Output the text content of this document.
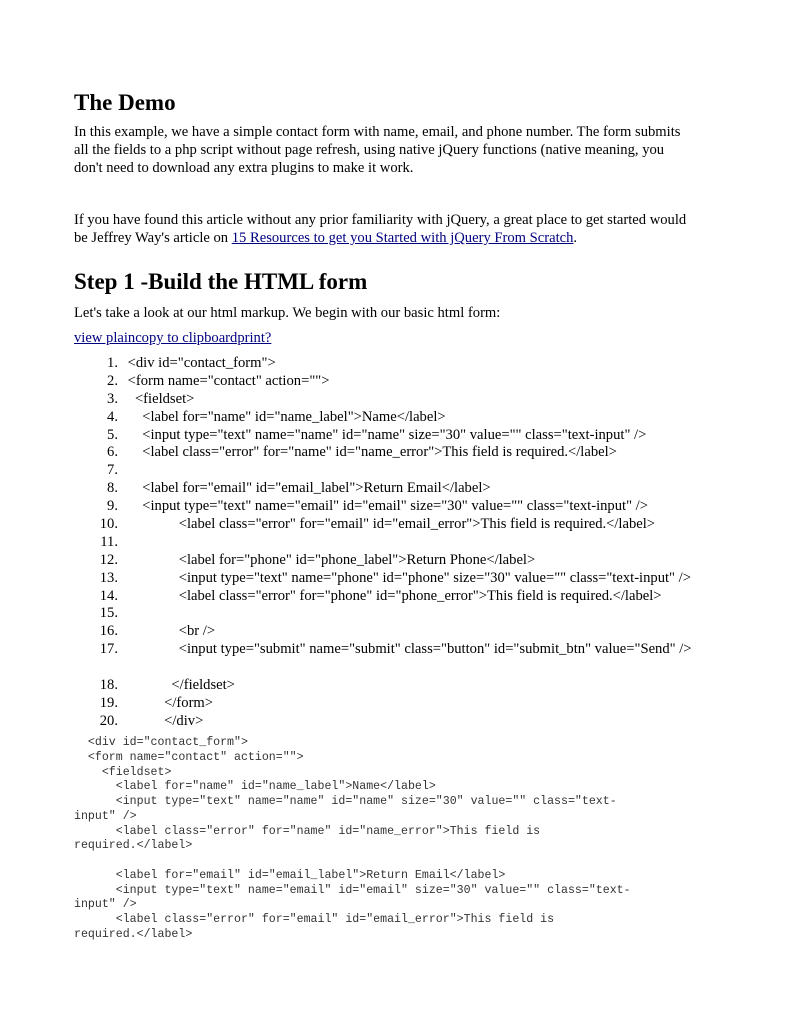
The Demo

In this example, we have a simple contact form with name, email, and phone number. The form submits
all the fields to a php script without page refresh, using native jQuery functions (native meaning, you
don't need to download any extra plugins to make it work.

If you have found this article without any prior familiarity with jQuery, a great place to get started would
be Jeffrey Way's article on 15 Resources to get you Started with jQuery From Scratch.

Step 1 -Build the HTML form

Let's take a look at our html markup. We begin with our basic html form:

view plaincopy to clipboardprint?
1. <div id="contact_form">
2. <form name="contact" action="">
3. <fieldset>
4. <label for="name" id="name_label">Name</label>
5. <input type="text" name="name" id="name" size="30" value="" class="text-input" />
6. <label class="error" for="name" id="name_error">This field is required.</label>
7.
8. <label for="email" id="email_label">Return Email</label>
9. <input type="text" name="email" id="email" size="30" value="" class="text-input" />
10. <label class="error" for="email" id="email_error">This field is required.</label>
11.
12. <label for="phone" id="phone_label">Return Phone</label>
13. <input type="text" name="phone" id="phone" size="30" value="" class="text-input" />
14. <label class="error" for="phone" id="phone_error">This field is required.</label>
15.
16. <br />
17. <input type="submit" name="submit" class="button" id="submit_btn" value="Send" />
18. </fieldset>
19. </form>
20. </div>
<div id="contact_form">
<form name="contact" action="">
<fieldset>
<label for="name" id="name_label">Name</label>
<input type="text" name="name" id="name" size="30" value="" class="text-
input" />
<label class="error" for="name" id="name_error">This field is
required.</label>

<label for="email" id="email_label">Return Email</label>
<input type="text" name="email" id="email" size="30" value="" class="text-
input" />
<label class="error" for="email" id="email_error">This field is
required.</label>
